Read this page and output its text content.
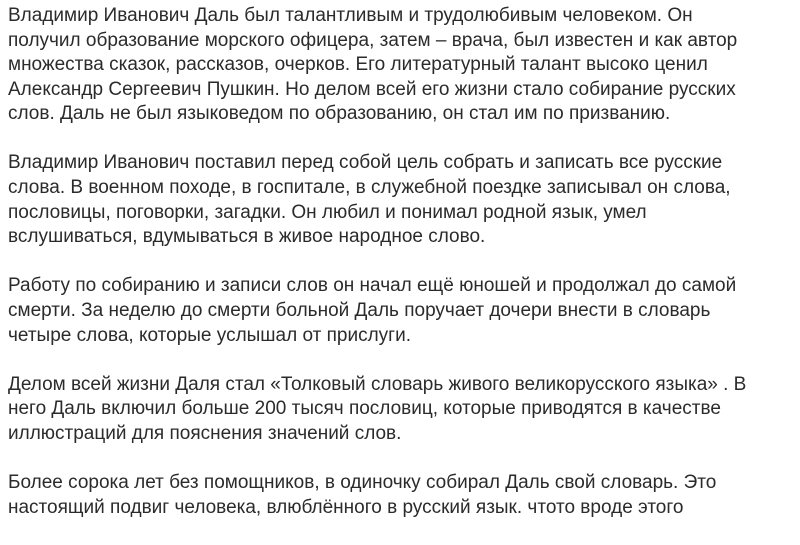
Владимир Иванович Даль был талантливым и трудолюбивым человеком. Он
получил образование морского офицера, затем – врача, был известен и как автор
множества сказок, рассказов, очерков. Его литературный талант высоко ценил
Александр Сергеевич Пушкин. Но делом всей его жизни стало собирание русских
слов. Даль не был языковедом по образованию, он стал им по призванию.

Владимир Иванович поставил перед собой цель собрать и записать все русские
слова. В военном походе, в госпитале, в служебной поездке записывал он слова,
пословицы, поговорки, загадки. Он любил и понимал родной язык, умел
вслушиваться, вдумываться в живое народное слово.

Работу по собиранию и записи слов он начал ещё юношей и продолжал до самой
смерти. За неделю до смерти больной Даль поручает дочери внести в словарь
четыре слова, которые услышал от прислуги.

Делом всей жизни Даля стал «Толковый словарь живого великорусского языка» . В
него Даль включил больше 200 тысяч пословиц, которые приводятся в качестве
иллюстраций для пояснения значений слов.

Более сорока лет без помощников, в одиночку собирал Даль свой словарь. Это
настоящий подвиг человека, влюблённого в русский язык. чтото вроде этого
